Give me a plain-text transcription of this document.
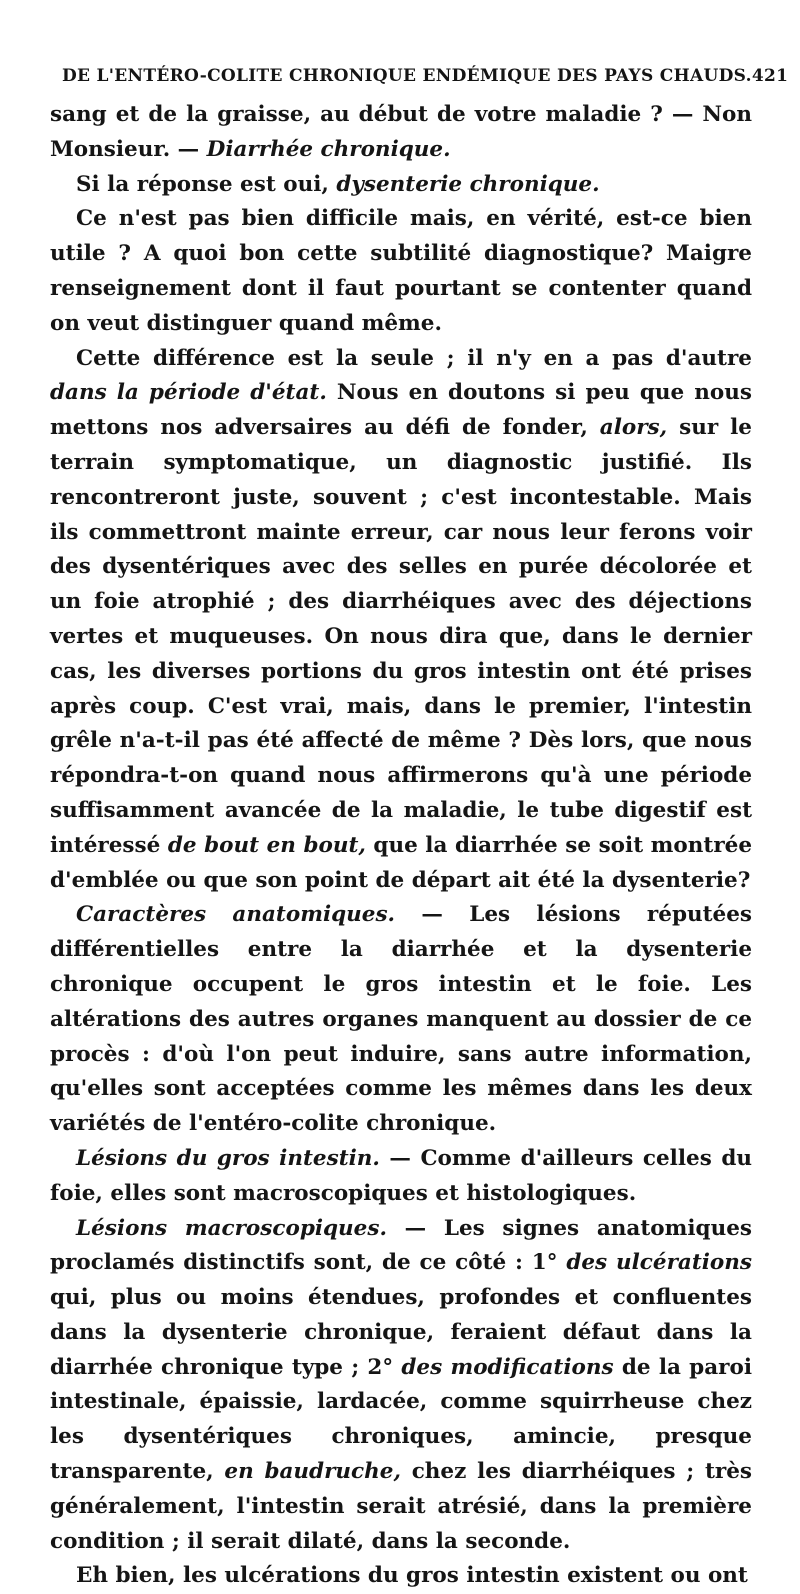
DE L'ENTÉRO-COLITE CHRONIQUE ENDÉMIQUE DES PAYS CHAUDS. 421

sang et de la graisse, au début de votre maladie ? — Non Monsieur. — Diarrhée chronique.

Si la réponse est oui, dysenterie chronique.

Ce n'est pas bien difficile mais, en vérité, est-ce bien utile ? A quoi bon cette subtilité diagnostique? Maigre renseignement dont il faut pourtant se contenter quand on veut distinguer quand même.

Cette différence est la seule ; il n'y en a pas d'autre dans la période d'état. Nous en doutons si peu que nous mettons nos adversaires au défi de fonder, alors, sur le terrain symptomatique, un diagnostic justifié. Ils rencontreront juste, souvent ; c'est incontestable. Mais ils commettront mainte erreur, car nous leur ferons voir des dysentériques avec des selles en purée décolorée et un foie atrophié ; des diarrhéiques avec des déjections vertes et muqueuses. On nous dira que, dans le dernier cas, les diverses portions du gros intestin ont été prises après coup. C'est vrai, mais, dans le premier, l'intestin grêle n'a-t-il pas été affecté de même ? Dès lors, que nous répondra-t-on quand nous affirmerons qu'à une période suffisamment avancée de la maladie, le tube digestif est intéressé de bout en bout, que la diarrhée se soit montrée d'emblée ou que son point de départ ait été la dysenterie?

Caractères anatomiques. — Les lésions réputées différentielles entre la diarrhée et la dysenterie chronique occupent le gros intestin et le foie. Les altérations des autres organes manquent au dossier de ce procès : d'où l'on peut induire, sans autre information, qu'elles sont acceptées comme les mêmes dans les deux variétés de l'entéro-colite chronique.

Lésions du gros intestin. — Comme d'ailleurs celles du foie, elles sont macroscopiques et histologiques.

Lésions macroscopiques. — Les signes anatomiques proclamés distinctifs sont, de ce côté : 1° des ulcérations qui, plus ou moins étendues, profondes et confluentes dans la dysenterie chronique, feraient défaut dans la diarrhée chronique type ; 2° des modifications de la paroi intestinale, épaissie, lardacée, comme squirrheuse chez les dysentériques chroniques, amincie, presque transparente, en baudruche, chez les diarrhéiques ; très généralement, l'intestin serait atrésié, dans la première condition ; il serait dilaté, dans la seconde.

Eh bien, les ulcérations du gros intestin existent ou ont
